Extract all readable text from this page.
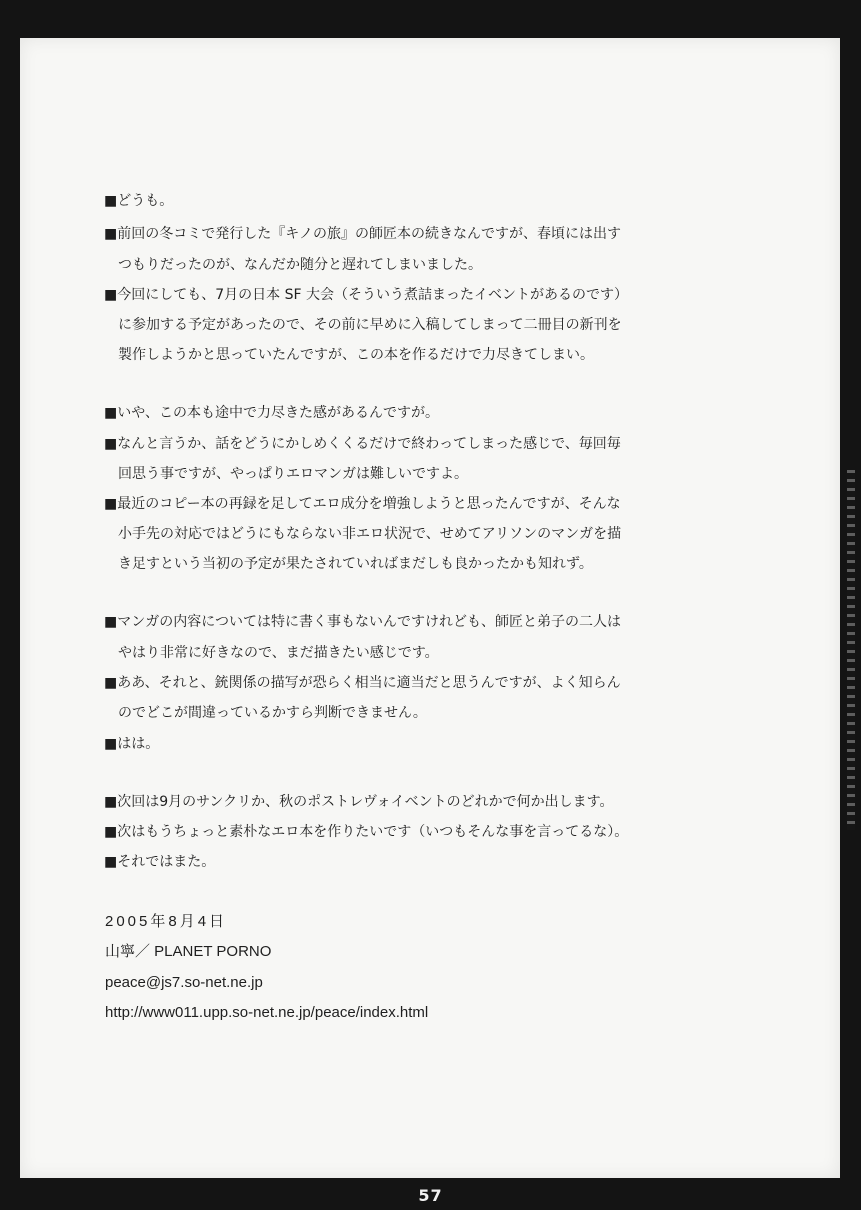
■どうも。
■前回の冬コミで発行した『キノの旅』の師匠本の続きなんですが、春頃には出す
　つもりだったのが、なんだか随分と遅れてしまいました。
■今回にしても、7月の日本 SF 大会（そういう煮詰まったイベントがあるのです）
　に参加する予定があったので、その前に早めに入稿してしまって二冊目の新刊を
　製作しようかと思っていたんですが、この本を作るだけで力尽きてしまい。
■いや、この本も途中で力尽きた感があるんですが。
■なんと言うか、話をどうにかしめくくるだけで終わってしまった感じで、毎回毎
　回思う事ですが、やっぱりエロマンガは難しいですよ。
■最近のコピー本の再録を足してエロ成分を増強しようと思ったんですが、そんな
　小手先の対応ではどうにもならない非エロ状況で、せめてアリソンのマンガを描
　き足すという当初の予定が果たされていればまだしも良かったかも知れず。
■マンガの内容については特に書く事もないんですけれども、師匠と弟子の二人は
　やはり非常に好きなので、まだ描きたい感じです。
■ああ、それと、銃関係の描写が恐らく相当に適当だと思うんですが、よく知らん
　のでどこが間違っているかすら判断できません。
■はは。
■次回は9月のサンクリか、秋のポストレヴォイベントのどれかで何か出します。
■次はもうちょっと素朴なエロ本を作りたいです（いつもそんな事を言ってるな）。
■それではまた。
2005年8月4日
山寧／ PLANET PORNO
peace@js7.so-net.ne.jp
http://www011.upp.so-net.ne.jp/peace/index.html
57
